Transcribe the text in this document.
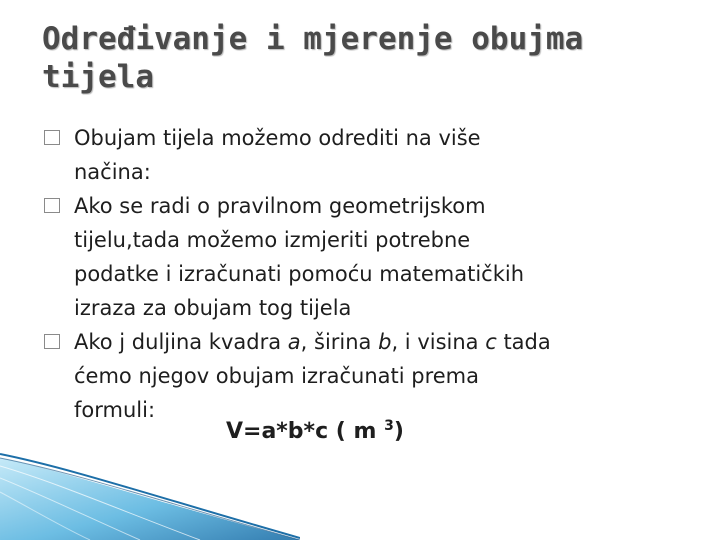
Određivanje i mjerenje obujma
tijela
Obujam tijela možemo odrediti na više
načina:
Ako se radi o pravilnom geometrijskom
tijelu,tada možemo izmjeriti potrebne
podatke i izračunati pomoću matematičkih
izraza za obujam tog tijela
Ako j duljina kvadra a, širina b, i visina c tada
ćemo njegov obujam izračunati prema
formuli:
V=a*b*c ( m $^3$)
